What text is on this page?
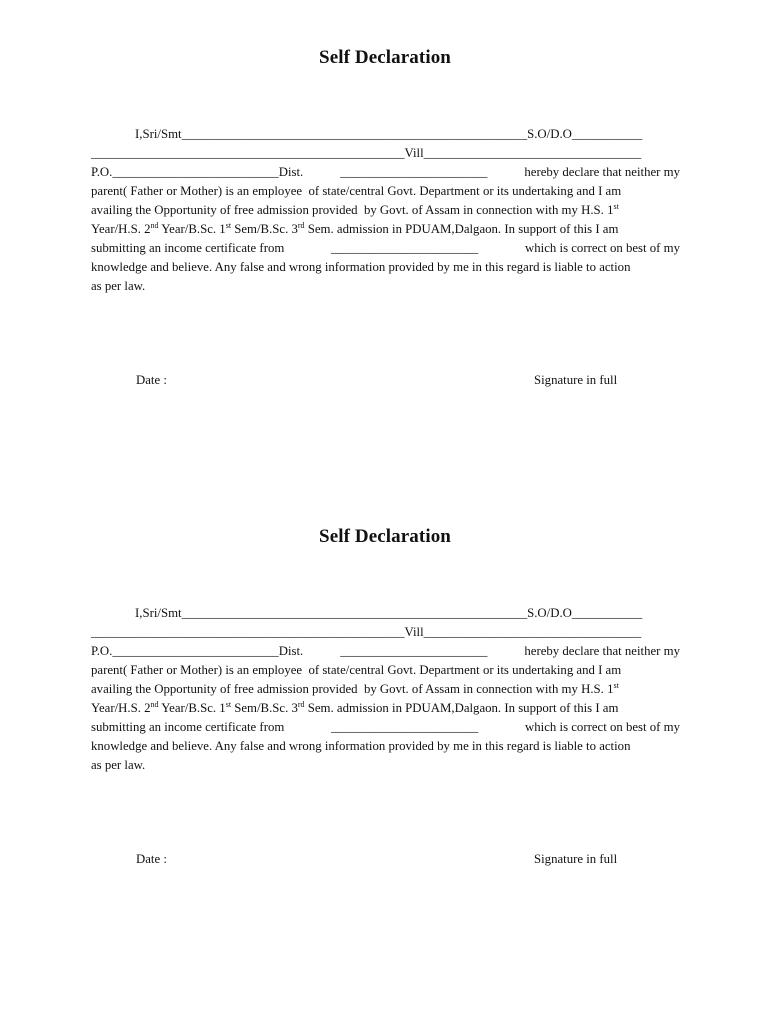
Self Declaration
I,Sri/Smt______________________________________________________S.O/D.O___________
_________________________________________________Vill__________________________________
P.O.__________________________Dist.	_______________________	hereby declare that neither my
parent( Father or Mother) is an employee  of state/central Govt. Department or its undertaking and I am
availing the Opportunity of free admission provided  by Govt. of Assam in connection with my H.S. 1st
Year/H.S. 2nd Year/B.Sc. 1st Sem/B.Sc. 3rd Sem. admission in PDUAM,Dalgaon. In support of this I am
submitting an income certificate from	_______________________	which is correct on best of my
knowledge and believe. Any false and wrong information provided by me in this regard is liable to action
as per law.
Date :	Signature in full
Self Declaration
I,Sri/Smt______________________________________________________S.O/D.O___________
_________________________________________________Vill__________________________________
P.O.__________________________Dist.	_______________________	hereby declare that neither my
parent( Father or Mother) is an employee  of state/central Govt. Department or its undertaking and I am
availing the Opportunity of free admission provided  by Govt. of Assam in connection with my H.S. 1st
Year/H.S. 2nd Year/B.Sc. 1st Sem/B.Sc. 3rd Sem. admission in PDUAM,Dalgaon. In support of this I am
submitting an income certificate from	_______________________	which is correct on best of my
knowledge and believe. Any false and wrong information provided by me in this regard is liable to action
as per law.
Date :	Signature in full
